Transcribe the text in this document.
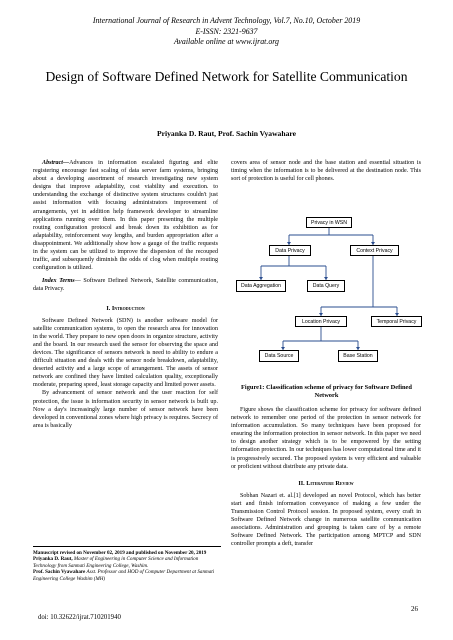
International Journal of Research in Advent Technology, Vol.7, No.10, October 2019
E-ISSN: 2321-9637
Available online at www.ijrat.org
Design of Software Defined Network for Satellite Communication
Priyanka D. Raut, Prof. Sachin Vyawahare

Abstract—Advances in information escalated figuring and elite registering encourage fast scaling of data server farm systems, bringing about a developing assortment of research investigating new system designs that improve adaptability, cost viability and execution. to understanding the exchange of distinctive system structures couldn't just assist information with focusing administrators improvement of arrangements, yet in addition help framework developer to streamline applications running over them. In this paper presenting the multiple routing configuration protocol and break down its exhibition as for adaptability, reinforcement way lengths, and burden appropriation after a disappointment. We additionally show how a gauge of the traffic requests in the system can be utilized to improve the dispersion of the recouped traffic, and subsequently diminish the odds of clog when multiple routing configuration is utilized.

Index Terms— Software Defined Network, Satellite communication, data Privacy.

I. Introduction

Software Defined Network (SDN) is another software model for satellite communication systems, to open the research area for innovation in the world. They prepare to new open doors in organize structure, activity and the board. In our research used the sensor for observing the space and devices. The significance of sensors network is need to ability to endure a difficult situation and deals with the sensor node breakdown, adaptability, deserted activity and a large scope of arrangement. The assets of sensor network are confined they have limited calculation quality, exceptionally moderate, preparing speed, least storage capacity and limited power assets.

By advancement of sensor network and the user reaction for self protection, the issue is information security in sensor network is built up. Now a day's increasingly large number of sensor network have been developed in conventional zones where high privacy is requires. Secrecy of area is basically

Manuscript revised on November 02, 2019 and published on November 20, 2019
Priyanka D. Raut, Master of Engineering in Computer Science and Information Technology from Sanmati Engineering College, Washim.
Prof. Sachin Vyawahare Asst. Professor and HOD of Computer Department at Sanmati Engineering College Washim (MH)

covers area of sensor node and the base station and essential situation is timing when the information is to be delivered at the destination node. This sort of protection is useful for cell phones.

Privacy in WSN
Data Privacy	Context Privacy
Data Aggregation	Data Query
Location Privacy	Temporal Privacy
Data Source	Base Station
Figure1: Classification scheme of privacy for Software Defined Network

Figure shows the classification scheme for privacy for software defined network to remember one period of the protection in sensor network for information accumulation. So many techniques have been proposed for ensuring the information protection in sensor network. In this paper we need to design another strategy which is to be empowered by the setting information protection. In our techniques has lower computational time and it is progressively secured. The proposed system is very efficient and valuable or proficient without distribute any private data.

II. Literature Review

Sobhan Nazari et. al.[1] developed an novel Protocol, which has better start and finish information conveyance of making a few under the Transmission Control Protocol session. In proposed system, every craft in Software Defined Network change in numerous satellite communication associations. Administration and grouping is taken care of by a remote Software Defined Network. The participation among MPTCP and SDN controller prompts a deft, transfer

26
doi: 10.32622/ijrat.710201940
